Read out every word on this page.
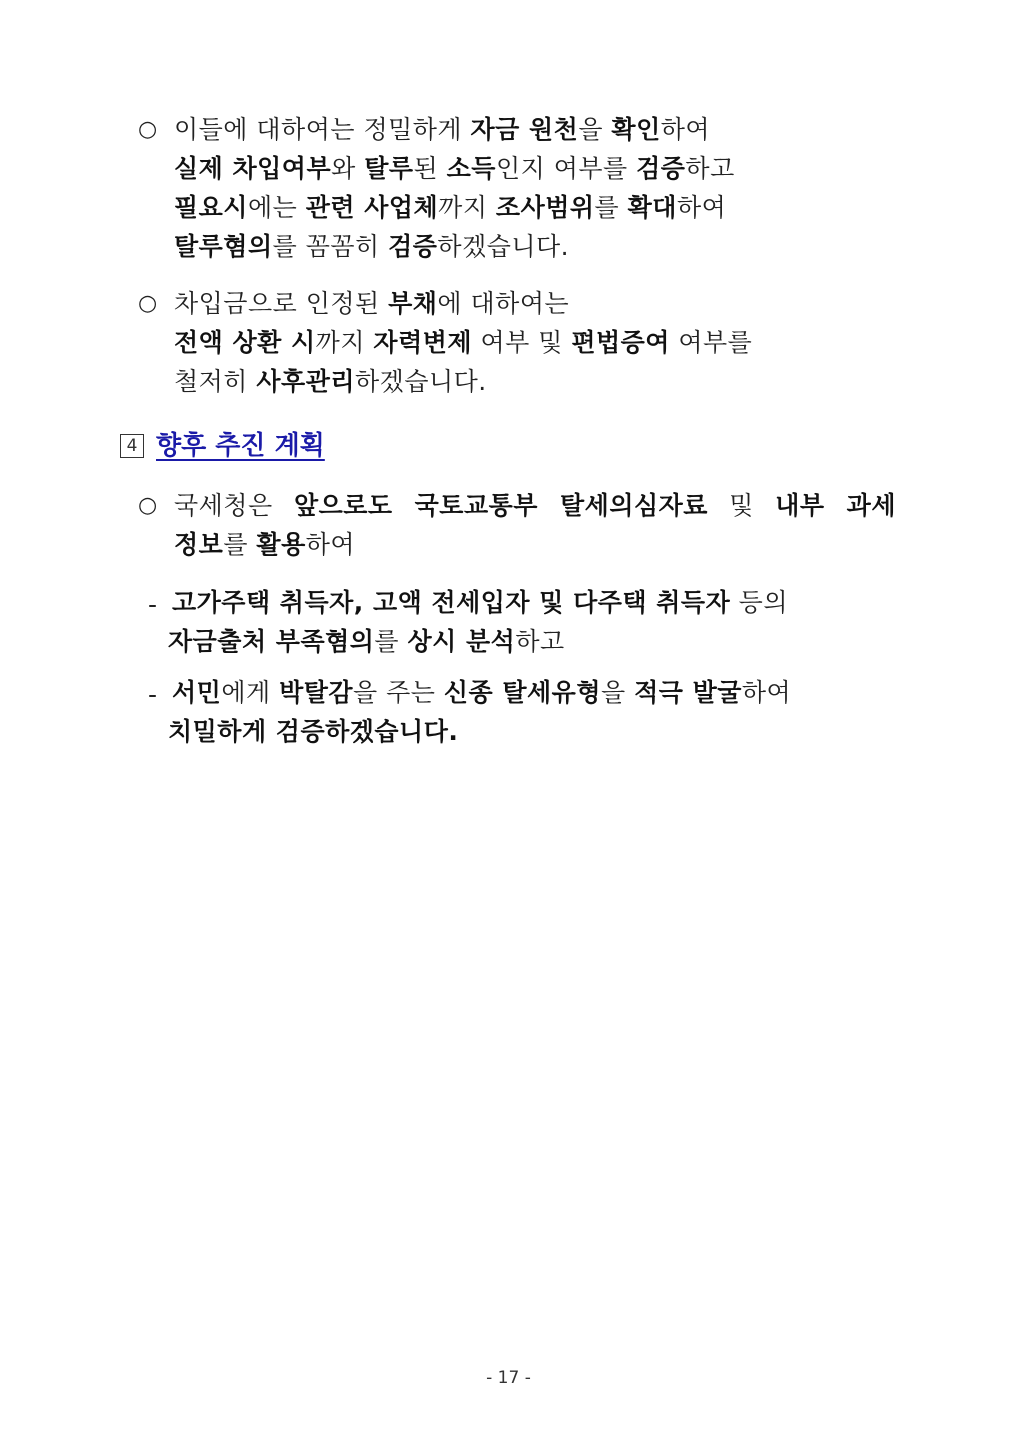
○ 이들에 대하여는 정밀하게 자금 원천을 확인하여
실제 차입여부와 탈루된 소득인지 여부를 검증하고
필요시에는 관련 사업체까지 조사범위를 확대하여
탈루혐의를 꼼꼼히 검증하겠습니다.
○ 차입금으로 인정된 부채에 대하여는
전액 상환 시까지 자력변제 여부 및 편법증여 여부를
철저히 사후관리하겠습니다.
4 향후 추진 계획
○ 국세청은 앞으로도 국토교통부 탈세의심자료 및 내부 과세
정보를 활용하여
- 고가주택 취득자, 고액 전세입자 및 다주택 취득자 등의
자금출처 부족혐의를 상시 분석하고
- 서민에게 박탈감을 주는 신종 탈세유형을 적극 발굴하여
치밀하게 검증하겠습니다.
- 17 -
